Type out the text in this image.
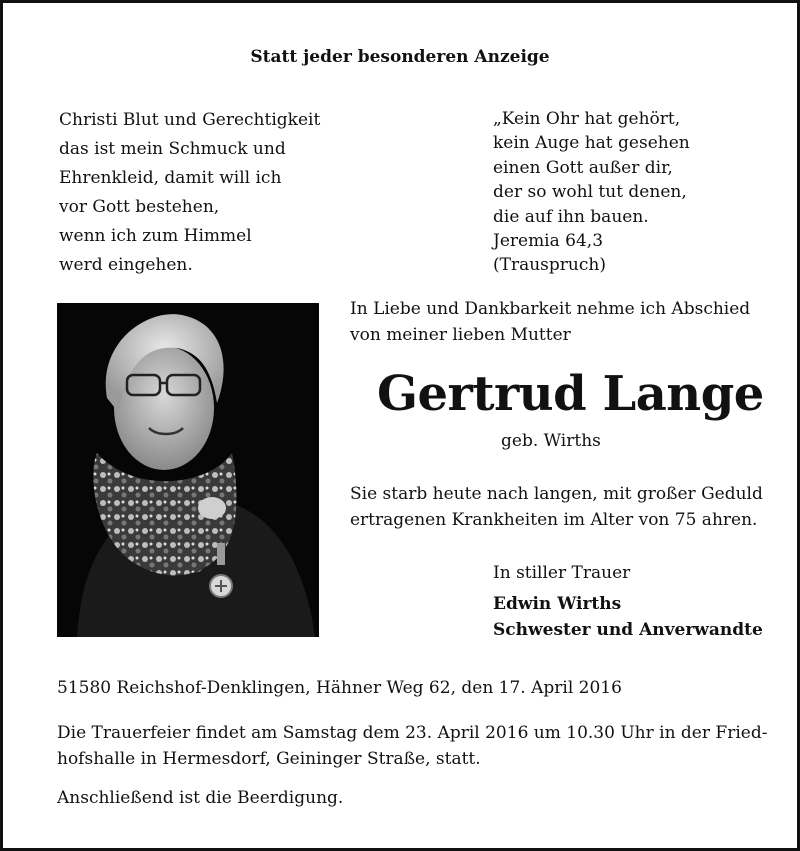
Statt jeder besonderen Anzeige
Christi Blut und Gerechtigkeit
das ist mein Schmuck und
Ehrenkleid, damit will ich
vor Gott bestehen,
wenn ich zum Himmel
werd eingehen.
„Kein Ohr hat gehört,
kein Auge hat gesehen
einen Gott außer dir,
der so wohl tut denen,
die auf ihn bauen.
Jeremia 64,3
(Trauspruch)
In Liebe und Dankbarkeit nehme ich Abschied
von meiner lieben Mutter
Gertrud Lange
geb. Wirths
Sie starb heute nach langen, mit großer Geduld
ertragenen Krankheiten im Alter von 75 ahren.
In stiller Trauer
Edwin Wirths
Schwester und Anverwandte
51580 Reichshof-Denklingen, Hähner Weg 62, den 17. April 2016
Die Trauerfeier findet am Samstag dem 23. April 2016 um 10.30 Uhr in der Fried-
hofshalle in Hermesdorf, Geininger Straße, statt.
Anschließend ist die Beerdigung.
